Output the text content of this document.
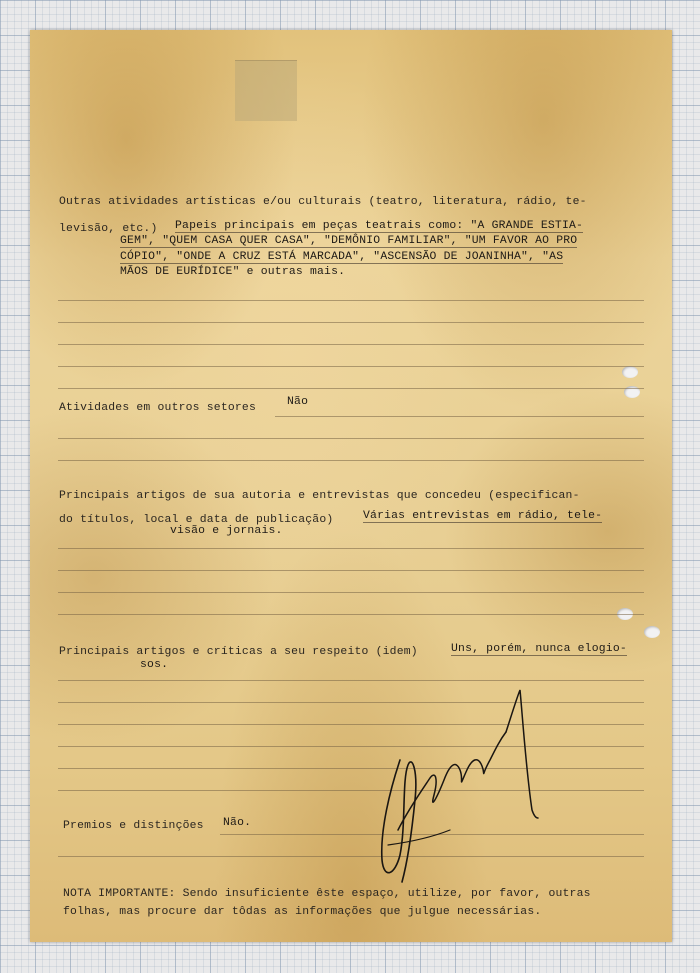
Outras atividades artísticas e/ou culturais (teatro, literatura, rádio, te-
levisão, etc.) Papeis principais em peças teatrais como: "A GRANDE ESTIA-
GEM", "QUEM CASA QUER CASA", "DEMÔNIO FAMILIAR", "UM FAVOR AO PRO
CÓPIO", "ONDE A CRUZ ESTÁ MARCADA", "ASCENSÃO DE JOANINHA", "AS
MÃOS DE EURÍDICE" e outras mais.
Atividades em outros setores	Não
Principais artigos de sua autoria e entrevistas que concedeu (especifican-
do títulos, local e data de publicação)	Várias entrevistas em rádio, tele-
visão e jornais.
Principais artigos e críticas a seu respeito (idem)	Uns, porém, nunca elogio-
sos.
Premios e distinções Não.
NOTA IMPORTANTE: Sendo insuficiente êste espaço, utilize, por favor, outras
folhas, mas procure dar tôdas as informações que julgue necessárias.
